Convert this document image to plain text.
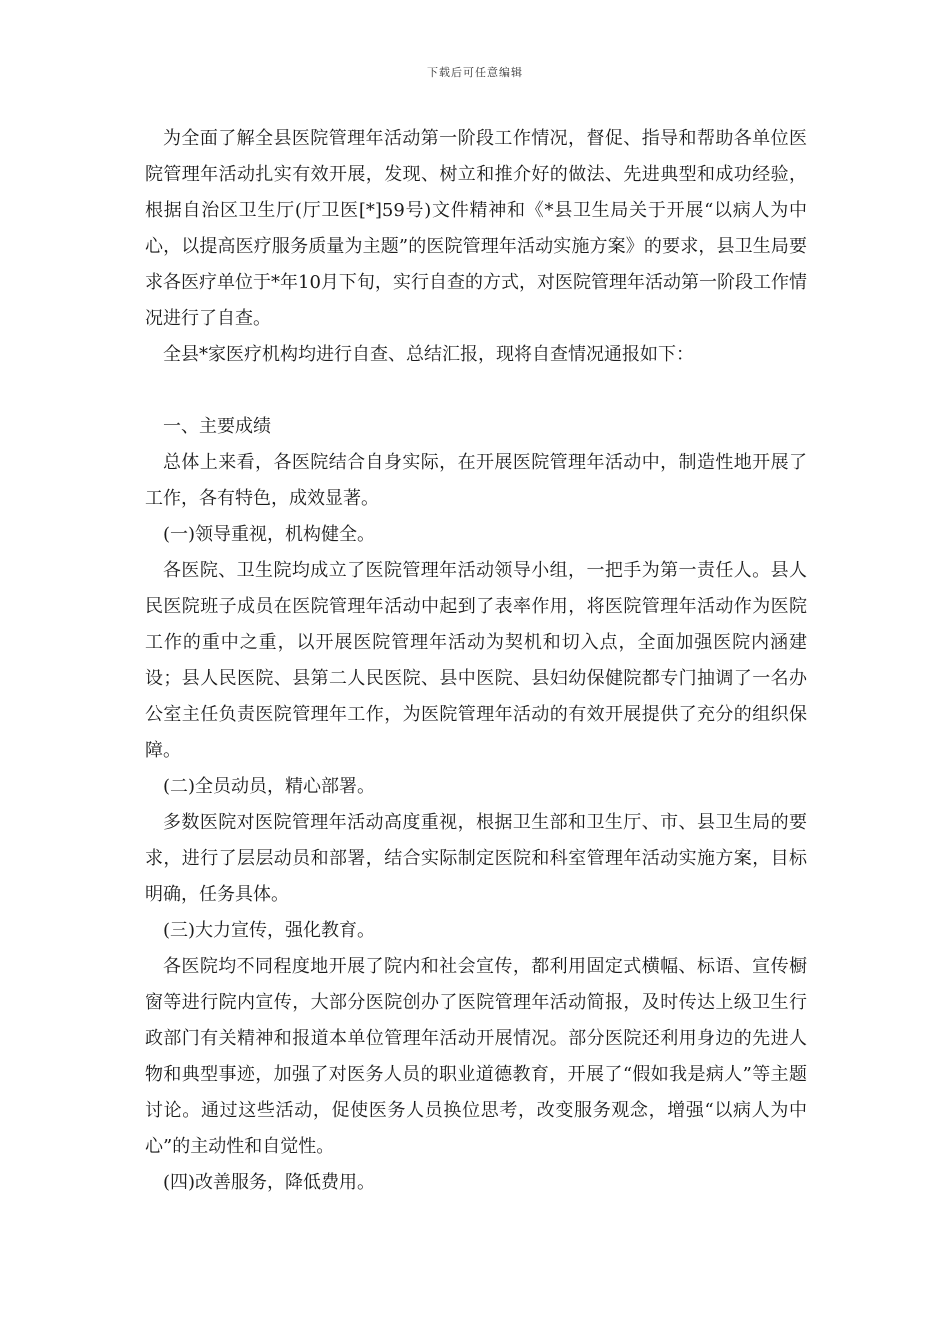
下载后可任意编辑

为全面了解全县医院管理年活动第一阶段工作情况，督促、指导和帮助各单位医院管理年活动扎实有效开展，发现、树立和推介好的做法、先进典型和成功经验，根据自治区卫生厅(厅卫医[*]59号)文件精神和《*县卫生局关于开展“以病人为中心，以提高医疗服务质量为主题”的医院管理年活动实施方案》的要求，县卫生局要求各医疗单位于*年10月下旬，实行自查的方式，对医院管理年活动第一阶段工作情况进行了自查。

全县*家医疗机构均进行自查、总结汇报，现将自查情况通报如下：

一、主要成绩

总体上来看，各医院结合自身实际，在开展医院管理年活动中，制造性地开展了工作，各有特色，成效显著。

(一)领导重视，机构健全。

各医院、卫生院均成立了医院管理年活动领导小组，一把手为第一责任人。县人民医院班子成员在医院管理年活动中起到了表率作用，将医院管理年活动作为医院工作的重中之重，以开展医院管理年活动为契机和切入点，全面加强医院内涵建设；县人民医院、县第二人民医院、县中医院、县妇幼保健院都专门抽调了一名办公室主任负责医院管理年工作，为医院管理年活动的有效开展提供了充分的组织保障。

(二)全员动员，精心部署。

多数医院对医院管理年活动高度重视，根据卫生部和卫生厅、市、县卫生局的要求，进行了层层动员和部署，结合实际制定医院和科室管理年活动实施方案，目标明确，任务具体。

(三)大力宣传，强化教育。

各医院均不同程度地开展了院内和社会宣传，都利用固定式横幅、标语、宣传橱窗等进行院内宣传，大部分医院创办了医院管理年活动简报，及时传达上级卫生行政部门有关精神和报道本单位管理年活动开展情况。部分医院还利用身边的先进人物和典型事迹，加强了对医务人员的职业道德教育，开展了“假如我是病人”等主题讨论。通过这些活动，促使医务人员换位思考，改变服务观念，增强“以病人为中心”的主动性和自觉性。

(四)改善服务，降低费用。
